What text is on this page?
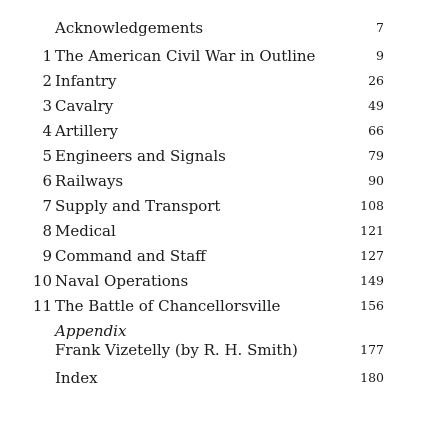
Acknowledgements	7
1 The American Civil War in Outline	9
2 Infantry	26
3 Cavalry	49
4 Artillery	66
5 Engineers and Signals	79
6 Railways	90
7 Supply and Transport	108
8 Medical	121
9 Command and Staff	127
10 Naval Operations	149
11 The Battle of Chancellorsville	156
Appendix
Frank Vizetelly (by R. H. Smith)	177
Index	180
